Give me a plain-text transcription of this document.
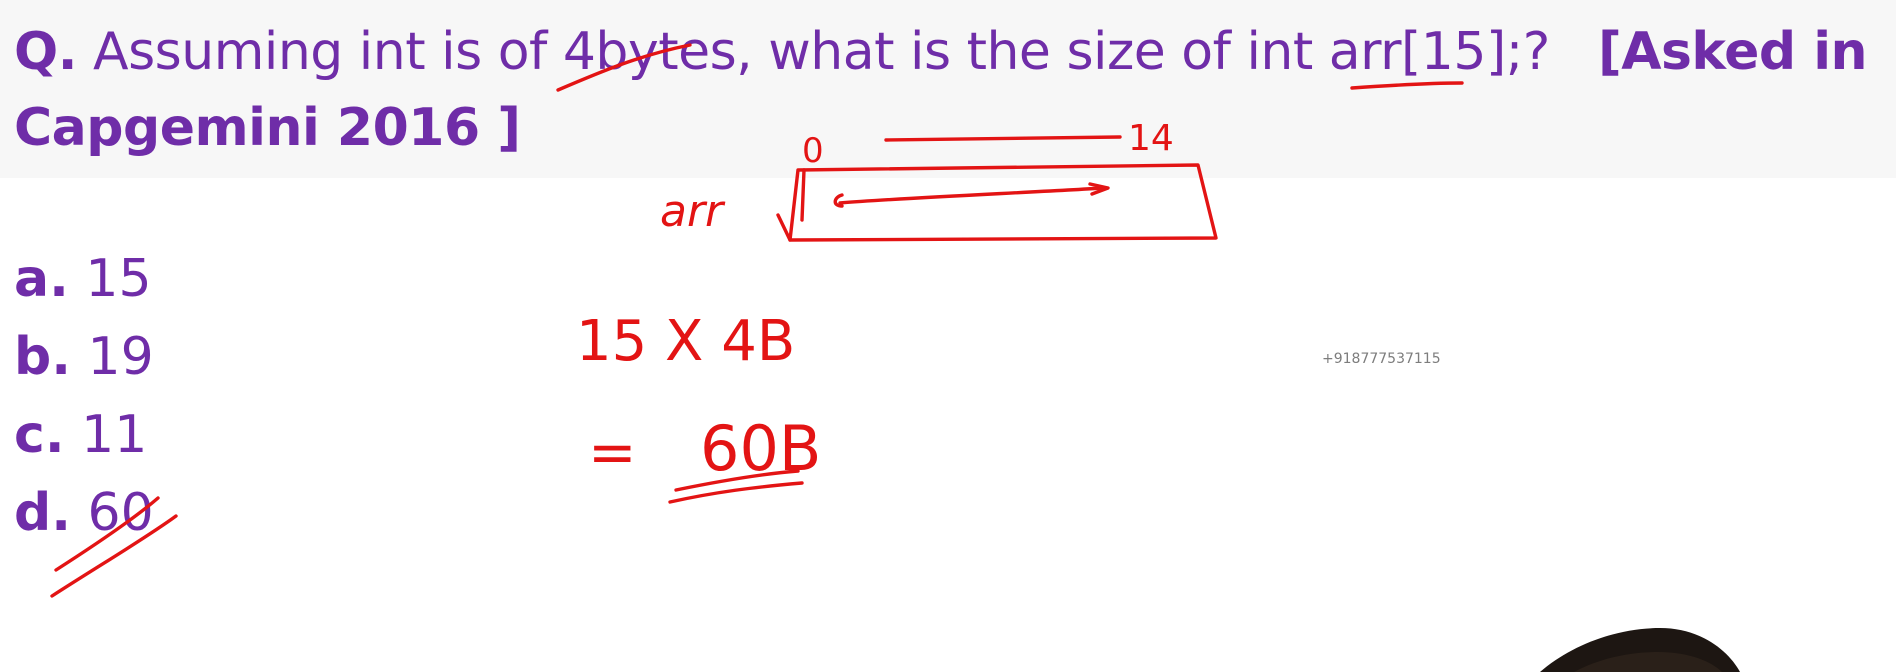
Q. Assuming int is of 4bytes, what is the size of int arr[15];? [Asked in Capgemini 2016 ]
a. 15
b. 19
c. 11
d. 60
+918777537115
0	14
arr
15 X 4B
= 60B
